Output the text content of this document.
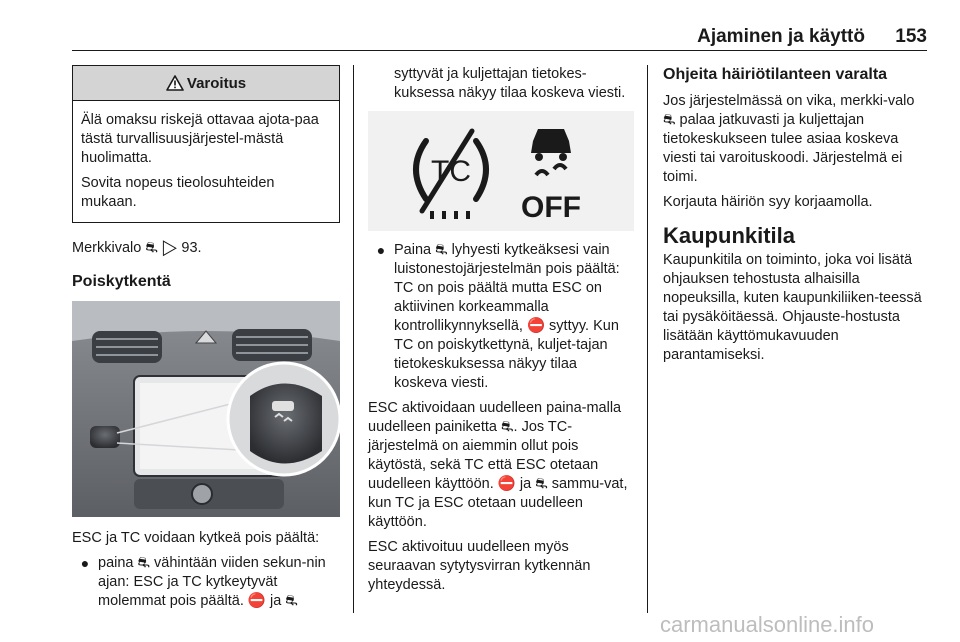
Ajaminen ja käyttö 153
Varoitus

Älä omaksu riskejä ottavaa ajota-paa tästä turvallisuusjärjestel-mästä huolimatta.

Sovita nopeus tieolosuhteiden mukaan.

Merkkivalo ⛐ ▷ 93.

Poiskytkentä

ESC ja TC voidaan kytkeä pois päältä:

● paina ⛐ vähintään viiden sekun-nin ajan: ESC ja TC kytkeytyvät molemmat pois päältä. ⛔ ja ⛐

syttyvät ja kuljettajan tietokes-kuksessa näkyy tilaa koskeva viesti.

TC
OFF
● Paina ⛐ lyhyesti kytkeäksesi vain luistonestojärjestelmän pois päältä: TC on pois päältä mutta ESC on aktiivinen korkeammalla kontrollikynnyksellä, ⛔ syttyy. Kun TC on poiskytkettynä, kuljet-tajan tietokeskuksessa näkyy tilaa koskeva viesti.

ESC aktivoidaan uudelleen paina-malla uudelleen painiketta ⛐. Jos TC-järjestelmä on aiemmin ollut pois käytöstä, sekä TC että ESC otetaan uudelleen käyttöön. ⛔ ja ⛐ sammu-vat, kun TC ja ESC otetaan uudelleen käyttöön.

ESC aktivoituu uudelleen myös seuraavan sytytysvirran kytkennän yhteydessä.

Ohjeita häiriötilanteen varalta

Jos järjestelmässä on vika, merkki-valo ⛐ palaa jatkuvasti ja kuljettajan tietokeskukseen tulee asiaa koskeva viesti tai varoituskoodi. Järjestelmä ei toimi.

Korjauta häiriön syy korjaamolla.

Kaupunkitila

Kaupunkitila on toiminto, joka voi lisätä ohjauksen tehostusta alhaisilla nopeuksilla, kuten kaupunkiliiken-teessä tai pysäköitäessä. Ohjauste-hostusta lisätään käyttömukavuuden parantamiseksi.

carmanualsonline.info
